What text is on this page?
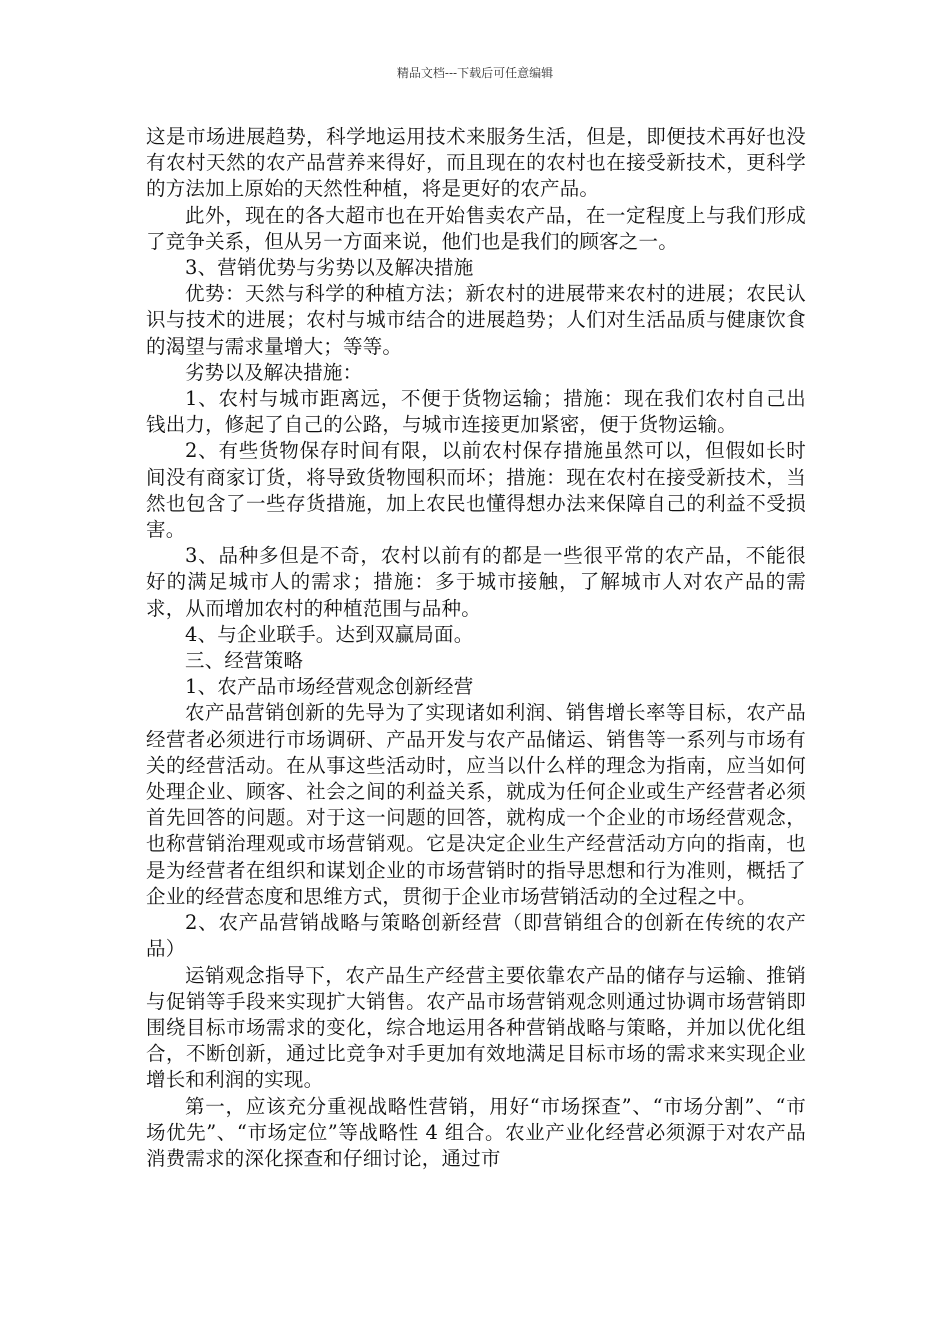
精品文档---下载后可任意编辑

这是市场进展趋势，科学地运用技术来服务生活，但是，即便技术再好也没有农村天然的农产品营养来得好，而且现在的农村也在接受新技术，更科学的方法加上原始的天然性种植，将是更好的农产品。

此外，现在的各大超市也在开始售卖农产品，在一定程度上与我们形成了竞争关系，但从另一方面来说，他们也是我们的顾客之一。

3、营销优势与劣势以及解决措施

优势：天然与科学的种植方法；新农村的进展带来农村的进展；农民认识与技术的进展；农村与城市结合的进展趋势；人们对生活品质与健康饮食的渴望与需求量增大；等等。

劣势以及解决措施：

1、农村与城市距离远，不便于货物运输；措施：现在我们农村自己出钱出力，修起了自己的公路，与城市连接更加紧密，便于货物运输。

2、有些货物保存时间有限，以前农村保存措施虽然可以，但假如长时间没有商家订货，将导致货物囤积而坏；措施：现在农村在接受新技术，当然也包含了一些存货措施，加上农民也懂得想办法来保障自己的利益不受损害。

3、品种多但是不奇，农村以前有的都是一些很平常的农产品，不能很好的满足城市人的需求；措施：多于城市接触，了解城市人对农产品的需求，从而增加农村的种植范围与品种。

4、与企业联手。达到双赢局面。

三、经营策略

1、农产品市场经营观念创新经营

农产品营销创新的先导为了实现诸如利润、销售增长率等目标，农产品经营者必须进行市场调研、产品开发与农产品储运、销售等一系列与市场有关的经营活动。在从事这些活动时，应当以什么样的理念为指南，应当如何处理企业、顾客、社会之间的利益关系，就成为任何企业或生产经营者必须首先回答的问题。对于这一问题的回答，就构成一个企业的市场经营观念，也称营销治理观或市场营销观。它是决定企业生产经营活动方向的指南，也是为经营者在组织和谋划企业的市场营销时的指导思想和行为准则，概括了企业的经营态度和思维方式，贯彻于企业市场营销活动的全过程之中。

2、农产品营销战略与策略创新经营（即营销组合的创新在传统的农产品）

运销观念指导下，农产品生产经营主要依靠农产品的储存与运输、推销与促销等手段来实现扩大销售。农产品市场营销观念则通过协调市场营销即围绕目标市场需求的变化，综合地运用各种营销战略与策略，并加以优化组合，不断创新，通过比竞争对手更加有效地满足目标市场的需求来实现企业增长和利润的实现。

第一，应该充分重视战略性营销，用好“市场探查”、“市场分割”、“市场优先”、“市场定位”等战略性 4 组合。农业产业化经营必须源于对农产品消费需求的深化探查和仔细讨论，通过市
